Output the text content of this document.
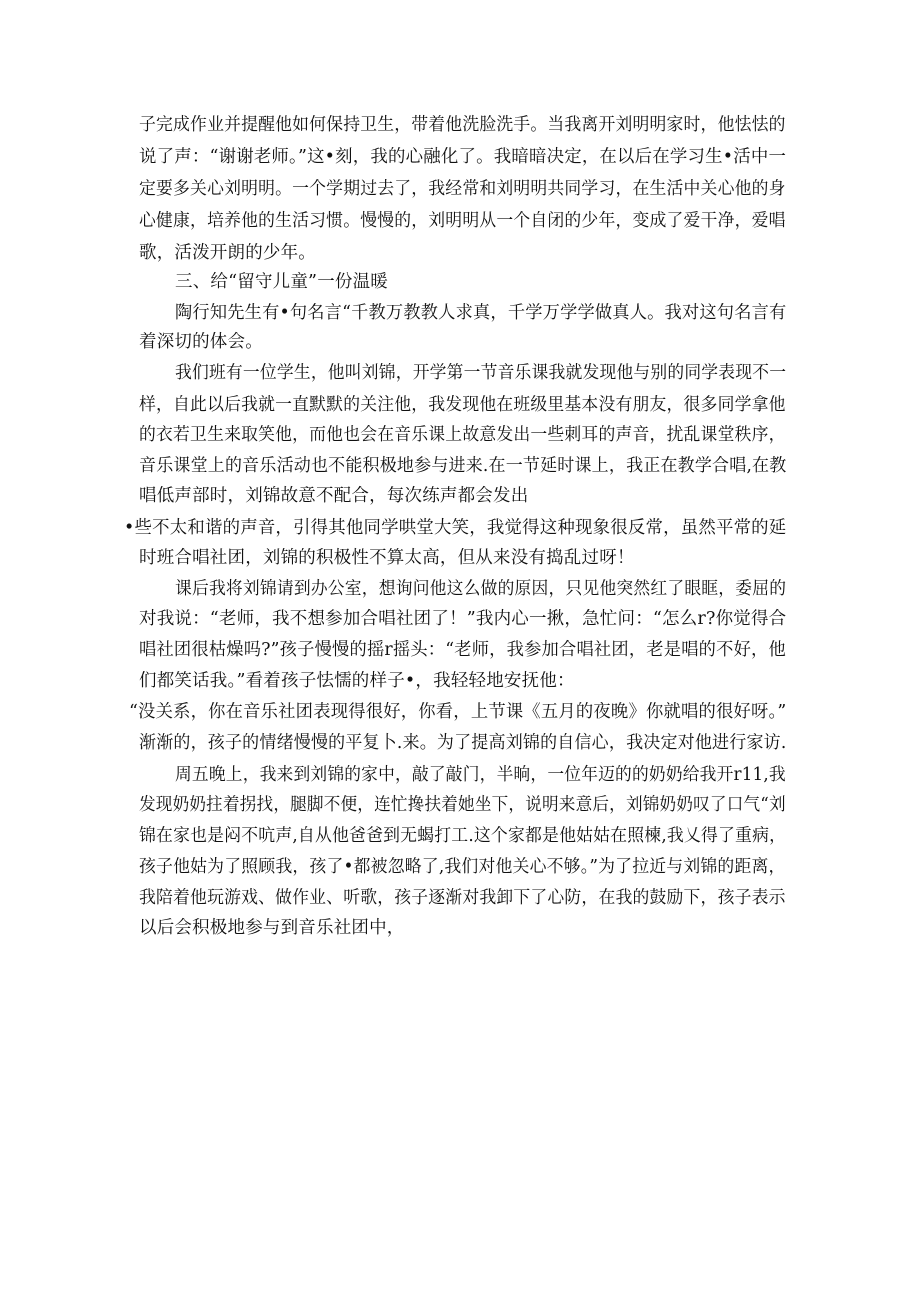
子完成作业并提醒他如何保持卫生，带着他洗脸洗手。当我离开刘明明家时，他怯怯的
说了声：“谢谢老师。”这•刻，我的心融化了。我暗暗决定，在以后在学习生•活中一
定要多关心刘明明。一个学期过去了，我经常和刘明明共同学习，在生活中关心他的身
心健康，培养他的生活习惯。慢慢的，刘明明从一个自闭的少年，变成了爱干净，爱唱
歌，活泼开朗的少年。
三、给“留守儿童”一份温暖
陶行知先生有•句名言“千教万教教人求真，千学万学学做真人。我对这句名言有
着深切的体会。
我们班有一位学生，他叫刘锦，开学第一节音乐课我就发现他与别的同学表现不一
样，自此以后我就一直默默的关注他，我发现他在班级里基本没有朋友，很多同学拿他
的衣若卫生来取笑他，而他也会在音乐课上故意发出一些刺耳的声音，扰乱课堂秩序，
音乐课堂上的音乐活动也不能积极地参与进来.在一节延时课上，我正在教学合唱,在教
唱低声部时，刘锦故意不配合，每次练声都会发出
•些不太和谐的声音，引得其他同学哄堂大笑，我觉得这种现象很反常，虽然平常的延
时班合唱社团，刘锦的积极性不算太高，但从来没有捣乱过呀！
课后我将刘锦请到办公室，想询问他这么做的原因，只见他突然红了眼眶，委屈的
对我说：“老师，我不想参加合唱社团了！”我内心一揪，急忙问：“怎么r?你觉得合
唱社团很枯燥吗?”孩子慢慢的摇r摇头：“老师，我参加合唱社团，老是唱的不好，他
们都笑话我。”看着孩子怯懦的样子•，我轻轻地安抚他：
“没关系，你在音乐社团表现得很好，你看，上节课《五月的夜晚》你就唱的很好呀。”
渐渐的，孩子的情绪慢慢的平复卜.来。为了提高刘锦的自信心，我决定对他进行家访.
周五晚上，我来到刘锦的家中，敲了敲门，半晌，一位年迈的的奶奶给我开r11,我
发现奶奶拄着拐找，腿脚不便，连忙搀扶着她坐下，说明来意后，刘锦奶奶叹了口气“刘
锦在家也是闷不吭声,自从他爸爸到无蝎打工.这个家都是他姑姑在照楝,我乂得了重病，
孩子他姑为了照顾我，孩了•都被忽略了,我们对他关心不够。”为了拉近与刘锦的距离，
我陪着他玩游戏、做作业、听歌，孩子逐渐对我卸下了心防，在我的鼓励下，孩子表示
以后会积极地参与到音乐社团中，
